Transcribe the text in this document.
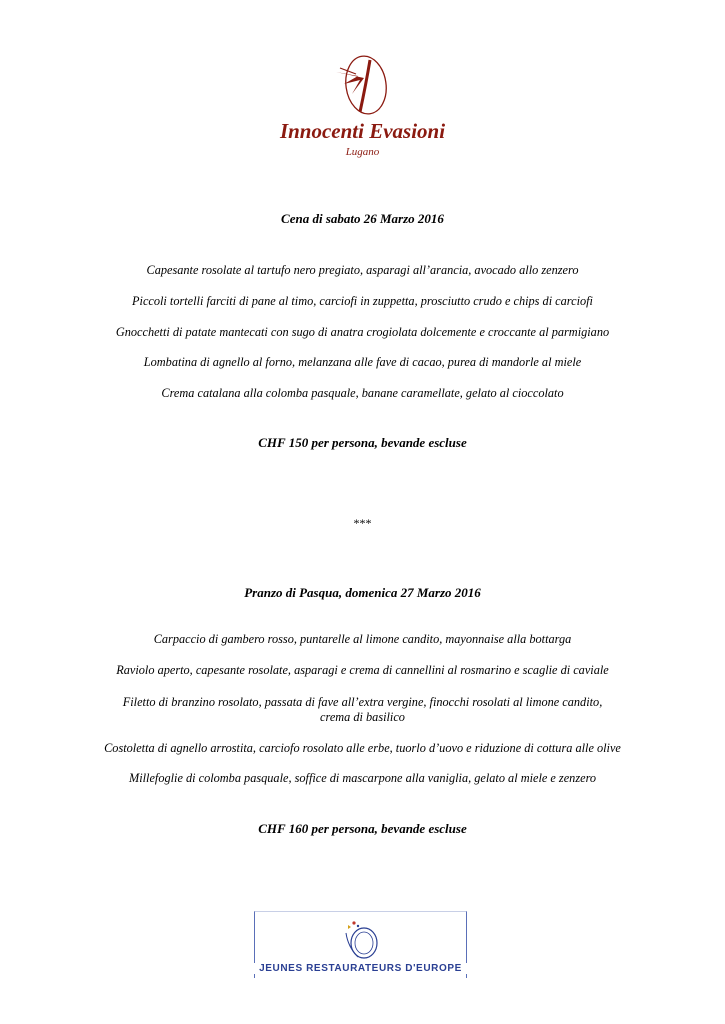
Innocenti Evasioni
Lugano
Cena di sabato 26 Marzo 2016
Capesante rosolate al tartufo nero pregiato, asparagi all’arancia, avocado allo zenzero
Piccoli tortelli farciti di pane al timo, carciofi in zuppetta, prosciutto crudo e chips di carciofi
Gnocchetti di patate mantecati con sugo di anatra crogiolata dolcemente e croccante al parmigiano
Lombatina di agnello al forno, melanzana alle fave di cacao, purea di mandorle al miele
Crema catalana alla colomba pasquale, banane caramellate, gelato al cioccolato
CHF 150 per persona, bevande escluse
***
Pranzo di Pasqua, domenica 27 Marzo 2016
Carpaccio di gambero rosso, puntarelle al limone candito, mayonnaise alla bottarga
Raviolo aperto, capesante rosolate, asparagi e crema di cannellini al rosmarino e scaglie di caviale
Filetto di branzino rosolato, passata di fave all’extra vergine, finocchi rosolati al limone candito,
crema di basilico
Costoletta di agnello arrostita, carciofo rosolato alle erbe, tuorlo d’uovo e riduzione di cottura alle olive
Millefoglie di colomba pasquale, soffice di mascarpone alla vaniglia, gelato al miele e zenzero
CHF 160 per persona, bevande escluse
JEUNES RESTAURATEURS D'EUROPE
